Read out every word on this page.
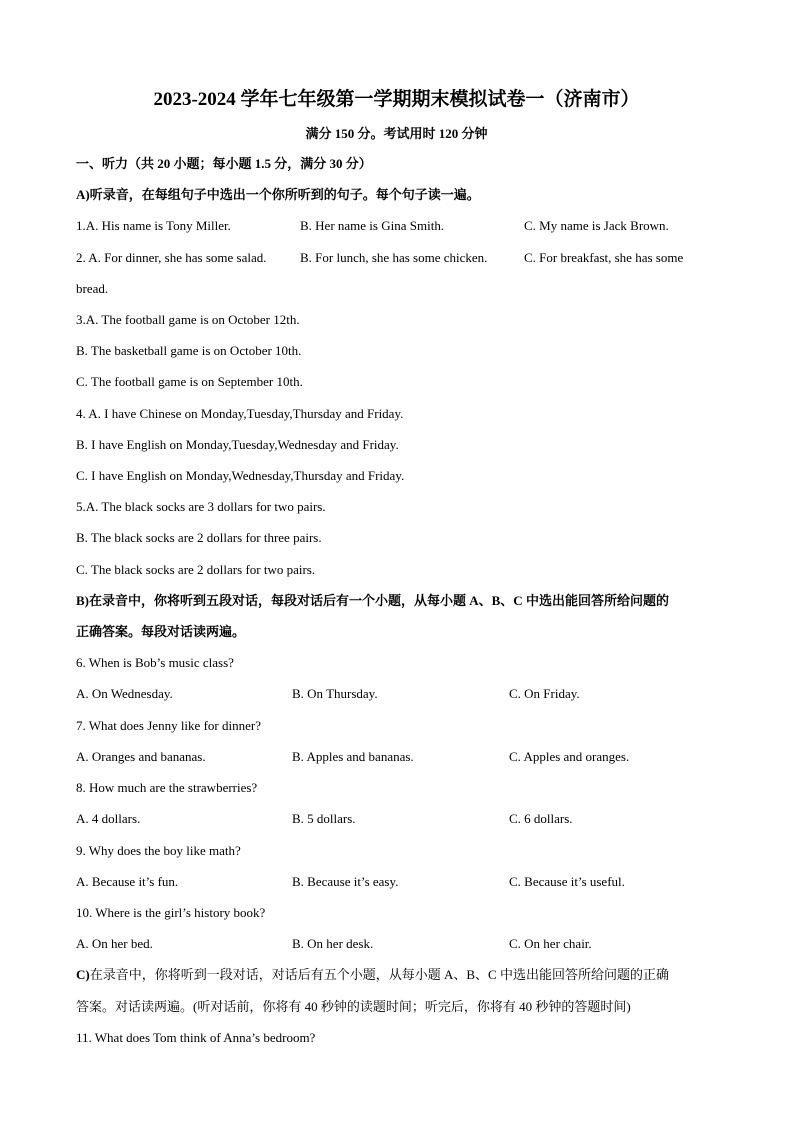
2023-2024 学年七年级第一学期期末模拟试卷一（济南市）
满分 150 分。考试用时 120 分钟
一、听力（共 20 小题；每小题 1.5 分，满分 30 分）
A)听录音，在每组句子中选出一个你所听到的句子。每个句子读一遍。
1.A. His name is Tony Miller.	B. Her name is Gina Smith.	C. My name is Jack Brown.
2. A. For dinner, she has some salad.	B. For lunch, she has some chicken.	C. For breakfast, she has some
bread.
3.A. The football game is on October 12th.
B. The basketball game is on October 10th.
C. The football game is on September 10th.
4. A. I have Chinese on Monday,Tuesday,Thursday and Friday.
B. I have English on Monday,Tuesday,Wednesday and Friday.
C. I have English on Monday,Wednesday,Thursday and Friday.
5.A. The black socks are 3 dollars for two pairs.
B. The black socks are 2 dollars for three pairs.
C. The black socks are 2 dollars for two pairs.
B)在录音中，你将听到五段对话，每段对话后有一个小题，从每小题 A、B、C 中选出能回答所给问题的
正确答案。每段对话读两遍。
6. When is Bob’s music class?
A. On Wednesday.	B. On Thursday.	C. On Friday.
7. What does Jenny like for dinner?
A. Oranges and bananas.	B. Apples and bananas.	C. Apples and oranges.
8. How much are the strawberries?
A. 4 dollars.	B. 5 dollars.	C. 6 dollars.
9. Why does the boy like math?
A. Because it’s fun.	B. Because it’s easy.	C. Because it’s useful.
10. Where is the girl’s history book?
A. On her bed.	B. On her desk.	C. On her chair.
C)在录音中，你将听到一段对话，对话后有五个小题，从每小题 A、B、C 中选出能回答所给问题的正确
答案。对话读两遍。(听对话前，你将有 40 秒钟的读题时间；听完后，你将有 40 秒钟的答题时间)
11. What does Tom think of Anna’s bedroom?
